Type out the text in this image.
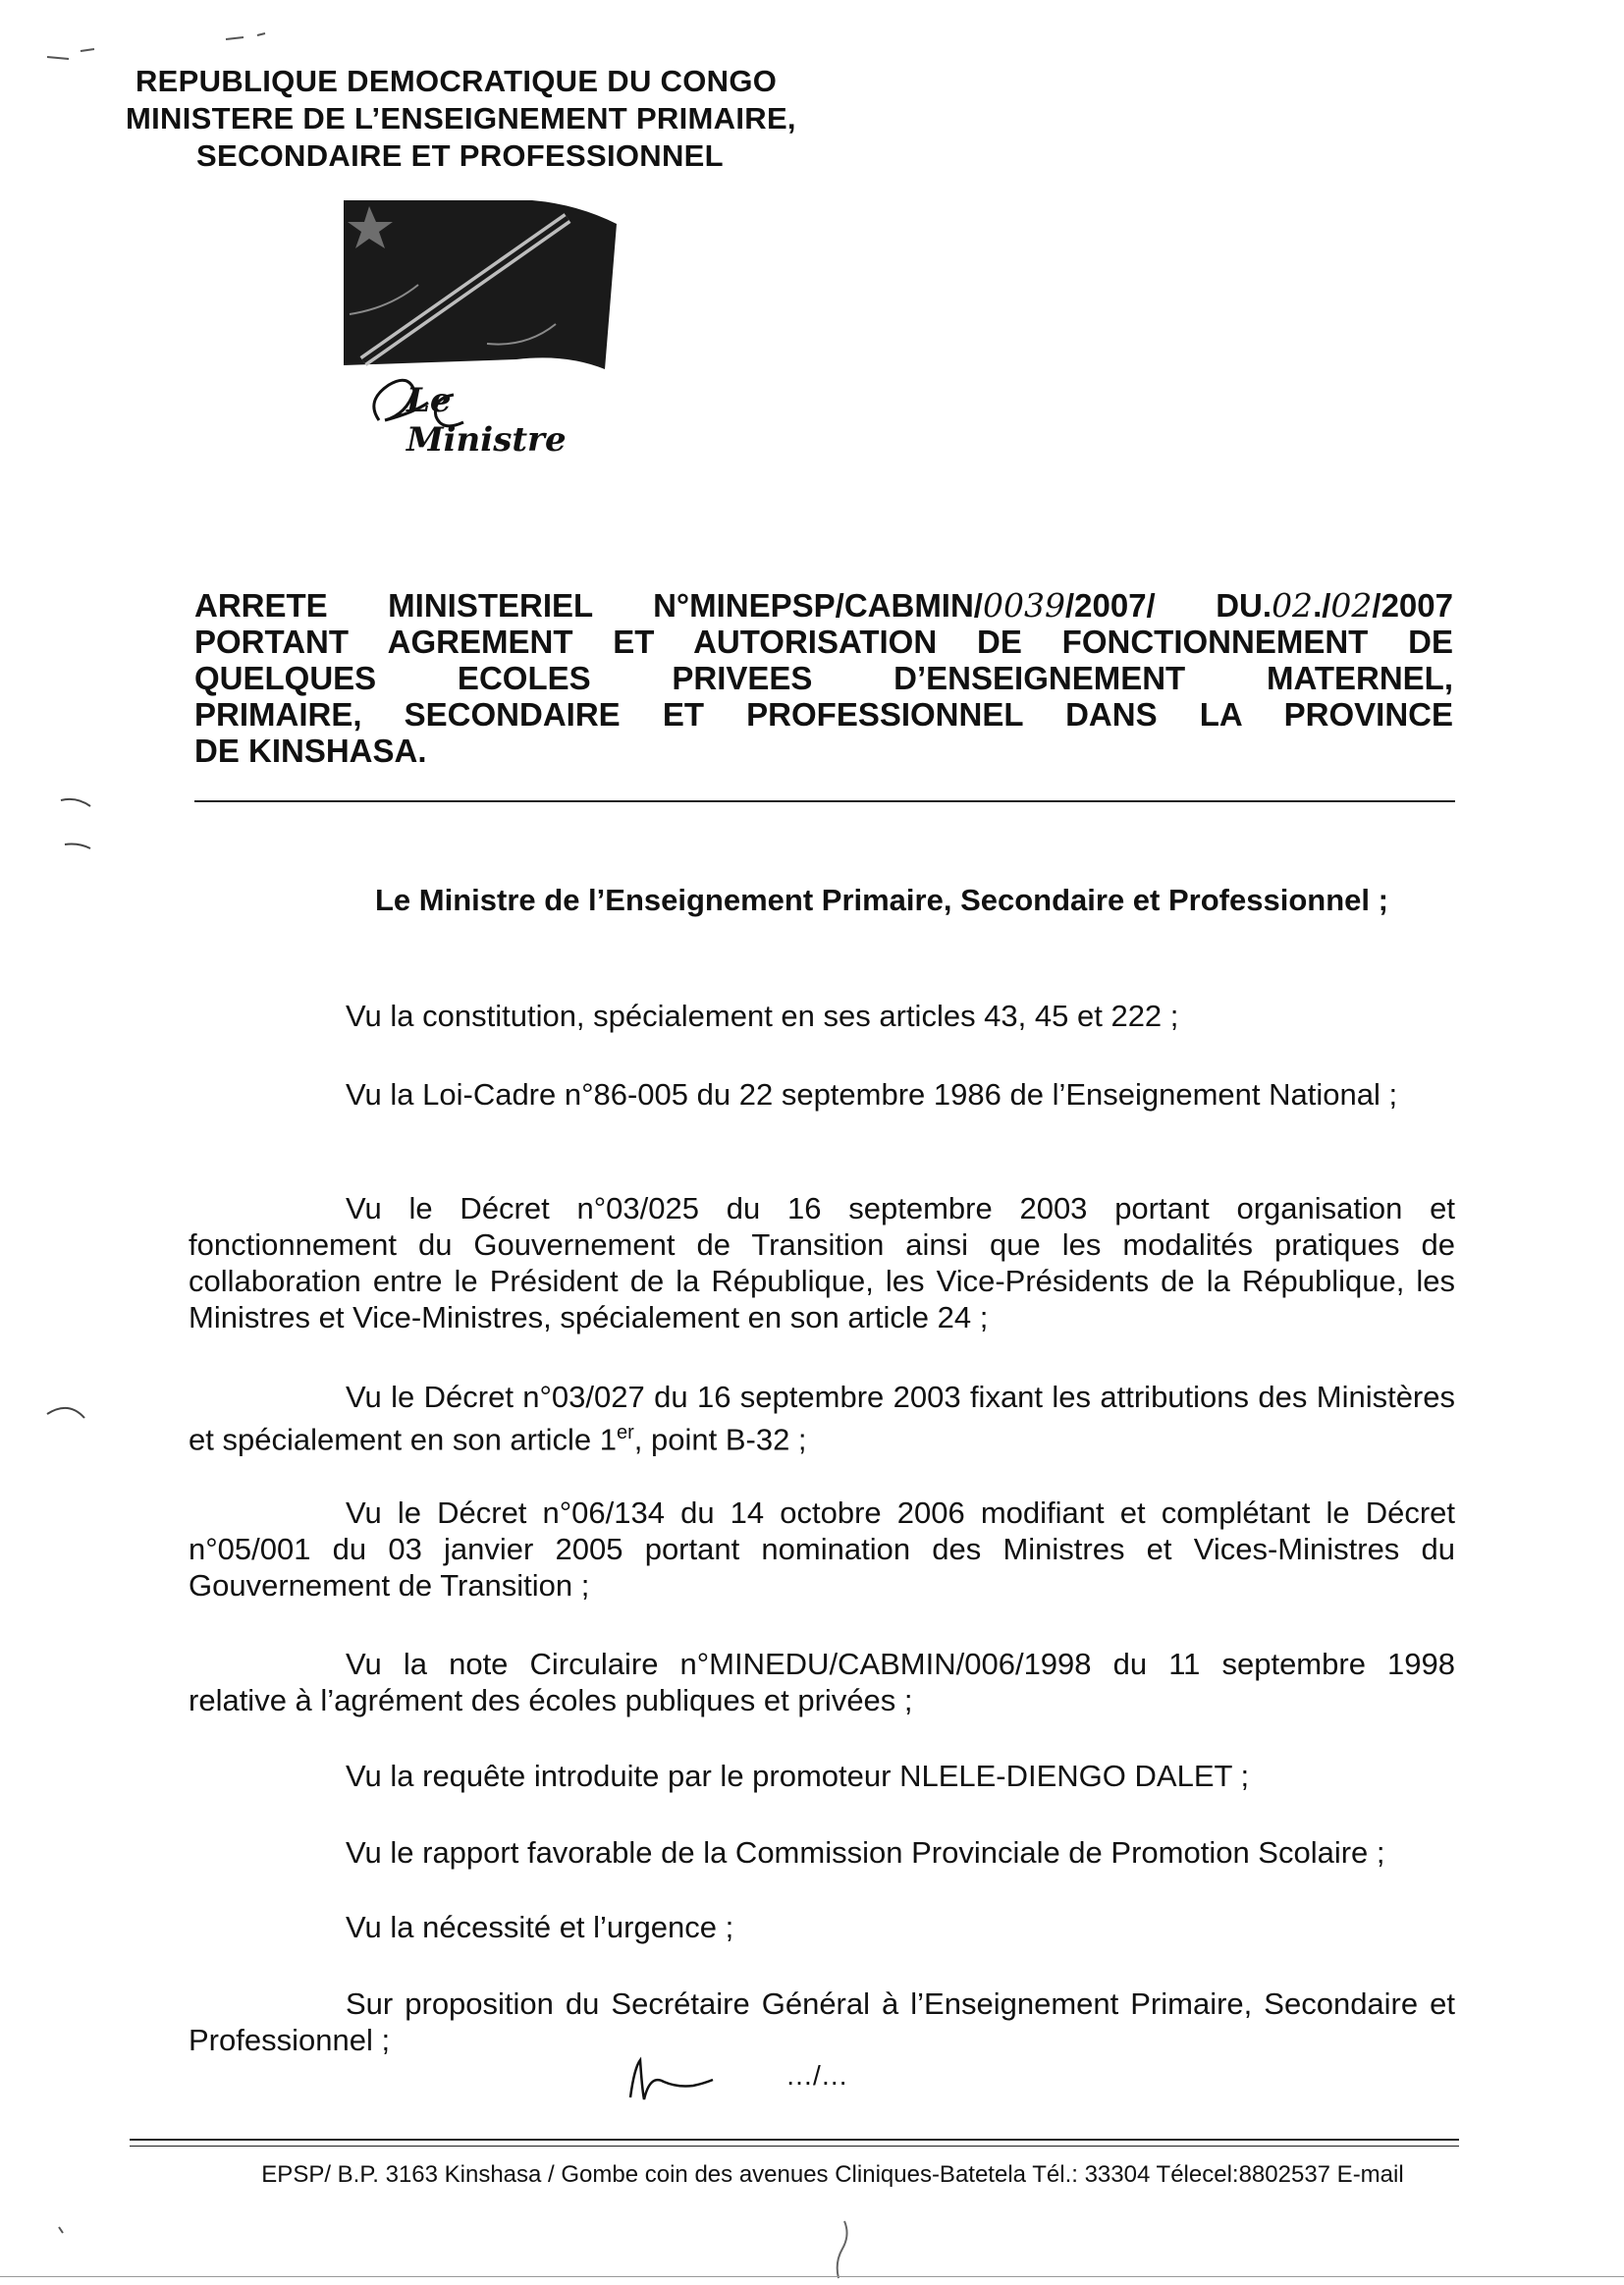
REPUBLIQUE DEMOCRATIQUE DU CONGO
MINISTERE DE L’ENSEIGNEMENT PRIMAIRE,
SECONDAIRE ET PROFESSIONNEL
Le Ministre
ARRETE MINISTERIEL N°MINEPSP/CABMIN/0039/2007/ DU.02./02/2007
PORTANT AGREMENT ET AUTORISATION DE FONCTIONNEMENT DE
QUELQUES ECOLES PRIVEES D’ENSEIGNEMENT MATERNEL,
PRIMAIRE, SECONDAIRE ET PROFESSIONNEL DANS LA PROVINCE
DE KINSHASA.
Le Ministre de l’Enseignement Primaire, Secondaire et Professionnel ;
Vu la constitution, spécialement en ses articles 43, 45 et 222 ;
Vu la Loi-Cadre n°86-005 du 22 septembre 1986 de l’Enseignement National ;
Vu le Décret n°03/025 du 16 septembre 2003 portant organisation et fonctionnement du Gouvernement de Transition ainsi que les modalités pratiques de collaboration entre le Président de la République, les Vice-Présidents de la République, les Ministres et Vice-Ministres, spécialement en son article 24 ;
Vu le Décret n°03/027 du 16 septembre 2003 fixant les attributions des Ministères et spécialement en son article 1er, point B-32 ;
Vu le Décret n°06/134 du 14 octobre 2006 modifiant et complétant le Décret n°05/001 du 03 janvier 2005 portant nomination des Ministres et Vices-Ministres du Gouvernement de Transition ;
Vu la note Circulaire n°MINEDU/CABMIN/006/1998 du 11 septembre 1998 relative à l’agrément des écoles publiques et privées ;
Vu la requête introduite par le promoteur NLELE-DIENGO DALET ;
Vu le rapport favorable de la Commission Provinciale de Promotion Scolaire ;
Vu la nécessité et l’urgence ;
Sur proposition du Secrétaire Général à l’Enseignement Primaire, Secondaire et Professionnel ;
…/…
EPSP/ B.P. 3163 Kinshasa / Gombe coin des avenues Cliniques-Batetela Tél.: 33304 Télecel:8802537 E-mail
